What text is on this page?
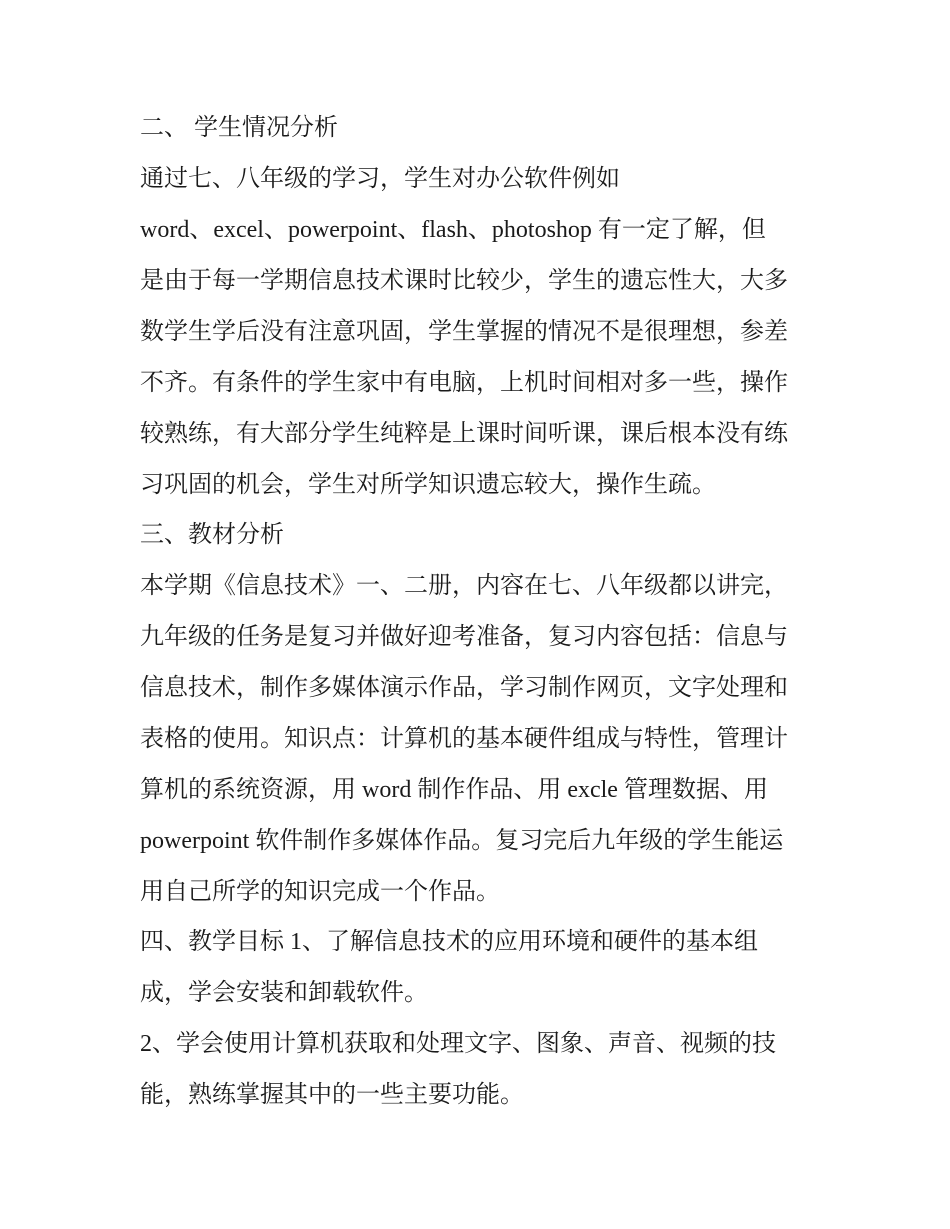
二、 学生情况分析
通过七、八年级的学习，学生对办公软件例如
word、excel、powerpoint、flash、photoshop 有一定了解，但
是由于每一学期信息技术课时比较少，学生的遗忘性大，大多
数学生学后没有注意巩固，学生掌握的情况不是很理想，参差
不齐。有条件的学生家中有电脑，上机时间相对多一些，操作
较熟练，有大部分学生纯粹是上课时间听课，课后根本没有练
习巩固的机会，学生对所学知识遗忘较大，操作生疏。
三、教材分析
本学期《信息技术》一、二册，内容在七、八年级都以讲完，
九年级的任务是复习并做好迎考准备，复习内容包括：信息与
信息技术，制作多媒体演示作品，学习制作网页，文字处理和
表格的使用。知识点：计算机的基本硬件组成与特性，管理计
算机的系统资源，用 word 制作作品、用 excle 管理数据、用
powerpoint 软件制作多媒体作品。复习完后九年级的学生能运
用自己所学的知识完成一个作品。
四、教学目标 1、了解信息技术的应用环境和硬件的基本组
成，学会安装和卸载软件。
2、学会使用计算机获取和处理文字、图象、声音、视频的技
能，熟练掌握其中的一些主要功能。
